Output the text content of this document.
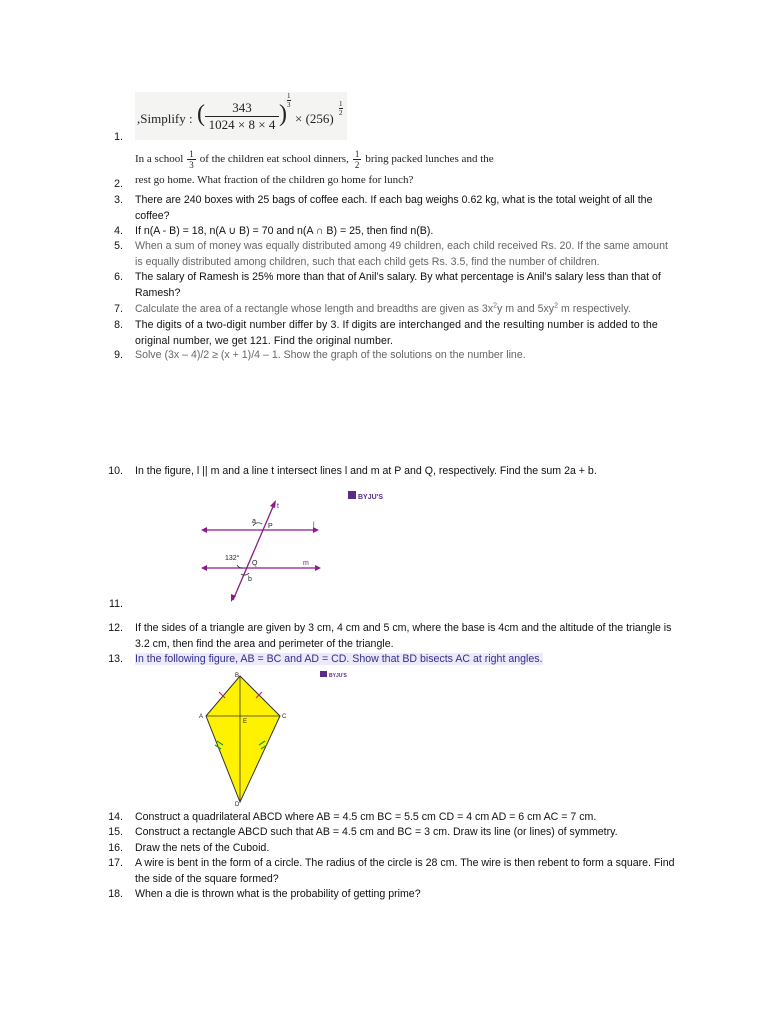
1.
,Simplify : ( $\frac{343}{1024 \times 8 \times 4}$ )
$\frac{1}{3}$
× (256)
$\frac{1}{2}$
In a school $\frac{1}{3}$ of the children eat school dinners, $\frac{1}{2}$ bring packed lunches and the
rest go home. What fraction of the children go home for lunch?
2.
3. There are 240 boxes with 25 bags of coffee each. If each bag weighs 0.62 kg, what is the total weight of all the coffee?
4. If n(A - B) = 18, n(A ∪ B) = 70 and n(A ∩ B) = 25, then find n(B).
5. When a sum of money was equally distributed among 49 children, each child received Rs. 20. If the same amount is equally distributed among children, such that each child gets Rs. 3.5, find the number of children.
6. The salary of Ramesh is 25% more than that of Anil’s salary. By what percentage is Anil’s salary less than that of Ramesh?
7. Calculate the area of a rectangle whose length and breadths are given as $3x^2y$ m and $5xy^2$ m respectively.
8. The digits of a two-digit number differ by 3. If digits are interchanged and the resulting number is added to the original number, we get 121. Find the original number.
9. Solve (3x – 4)/2 ≥ (x + 1)/4 – 1. Show the graph of the solutions on the number line.
10. In the figure, l || m and a line t intersect lines l and m at P and Q, respectively. Find the sum 2a + b.
BYJU'S
t
l
m
a
P
132°
Q
b
11.
12. If the sides of a triangle are given by 3 cm, 4 cm and 5 cm, where the base is 4cm and the altitude of the triangle is 3.2 cm, then find the area and perimeter of the triangle.
13. In the following figure, AB = BC and AD = CD. Show that BD bisects AC at right angles.
BYJU'S
B
A	C
E
D
14. Construct a quadrilateral ABCD where AB = 4.5 cm BC = 5.5 cm CD = 4 cm AD = 6 cm AC = 7 cm.
15. Construct a rectangle ABCD such that AB = 4.5 cm and BC = 3 cm. Draw its line (or lines) of symmetry.
16. Draw the nets of the Cuboid.
17. A wire is bent in the form of a circle. The radius of the circle is 28 cm. The wire is then rebent to form a square. Find the side of the square formed?
18. When a die is thrown what is the probability of getting prime?
